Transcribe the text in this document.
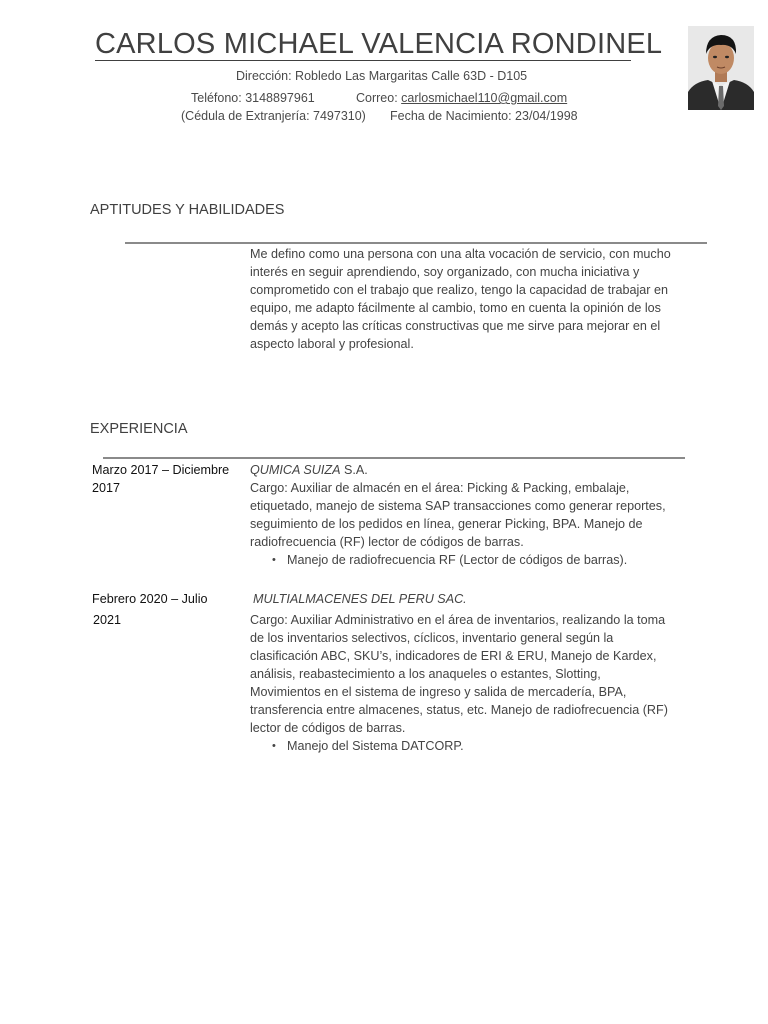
CARLOS MICHAEL VALENCIA RONDINEL
Dirección: Robledo Las Margaritas Calle 63D - D105
Teléfono: 3148897961	Correo: carlosmichael110@gmail.com
(Cédula de Extranjería: 7497310) Fecha de Nacimiento: 23/04/1998
APTITUDES Y HABILIDADES
Me defino como una persona con una alta vocación de servicio, con mucho interés en seguir aprendiendo, soy organizado, con mucha iniciativa y comprometido con el trabajo que realizo, tengo la capacidad de trabajar en equipo, me adapto fácilmente al cambio, tomo en cuenta la opinión de los demás y acepto las críticas constructivas que me sirve para mejorar en el aspecto laboral y profesional.
EXPERIENCIA
Marzo 2017 – Diciembre 2017
QUMICA SUIZA S.A.
Cargo: Auxiliar de almacén en el área: Picking & Packing, embalaje, etiquetado, manejo de sistema SAP transacciones como generar reportes, seguimiento de los pedidos en línea, generar Picking, BPA. Manejo de radiofrecuencia (RF) lector de códigos de barras.
• Manejo de radiofrecuencia RF (Lector de códigos de barras).
Febrero 2020 – Julio
2021
MULTIALMACENES DEL PERU SAC.
Cargo: Auxiliar Administrativo en el área de inventarios, realizando la toma de los inventarios selectivos, cíclicos, inventario general según la clasificación ABC, SKU’s, indicadores de ERI & ERU, Manejo de Kardex, análisis, reabastecimiento a los anaqueles o estantes, Slotting, Movimientos en el sistema de ingreso y salida de mercadería, BPA, transferencia entre almacenes, status, etc. Manejo de radiofrecuencia (RF) lector de códigos de barras.
• Manejo del Sistema DATCORP.
